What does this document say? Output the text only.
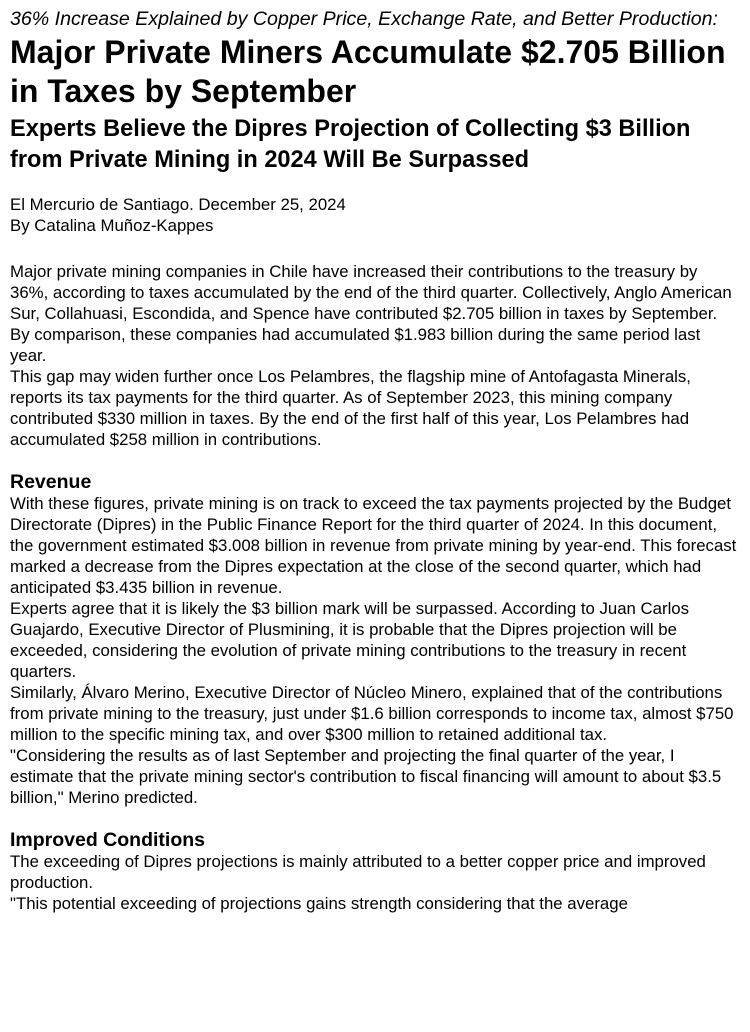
36% Increase Explained by Copper Price, Exchange Rate, and Better Production:

Major Private Miners Accumulate $2.705 Billion in Taxes by September
Experts Believe the Dipres Projection of Collecting $3 Billion from Private Mining in 2024 Will Be Surpassed
El Mercurio de Santiago. December 25, 2024
By Catalina Muñoz-Kappes

Major private mining companies in Chile have increased their contributions to the treasury by 36%, according to taxes accumulated by the end of the third quarter. Collectively, Anglo American Sur, Collahuasi, Escondida, and Spence have contributed $2.705 billion in taxes by September. By comparison, these companies had accumulated $1.983 billion during the same period last year.

This gap may widen further once Los Pelambres, the flagship mine of Antofagasta Minerals, reports its tax payments for the third quarter. As of September 2023, this mining company contributed $330 million in taxes. By the end of the first half of this year, Los Pelambres had accumulated $258 million in contributions.

Revenue

With these figures, private mining is on track to exceed the tax payments projected by the Budget Directorate (Dipres) in the Public Finance Report for the third quarter of 2024. In this document, the government estimated $3.008 billion in revenue from private mining by year-end. This forecast marked a decrease from the Dipres expectation at the close of the second quarter, which had anticipated $3.435 billion in revenue.

Experts agree that it is likely the $3 billion mark will be surpassed. According to Juan Carlos Guajardo, Executive Director of Plusmining, it is probable that the Dipres projection will be exceeded, considering the evolution of private mining contributions to the treasury in recent quarters.

Similarly, Álvaro Merino, Executive Director of Núcleo Minero, explained that of the contributions from private mining to the treasury, just under $1.6 billion corresponds to income tax, almost $750 million to the specific mining tax, and over $300 million to retained additional tax.

"Considering the results as of last September and projecting the final quarter of the year, I estimate that the private mining sector's contribution to fiscal financing will amount to about $3.5 billion," Merino predicted.

Improved Conditions

The exceeding of Dipres projections is mainly attributed to a better copper price and improved production.

"This potential exceeding of projections gains strength considering that the average
